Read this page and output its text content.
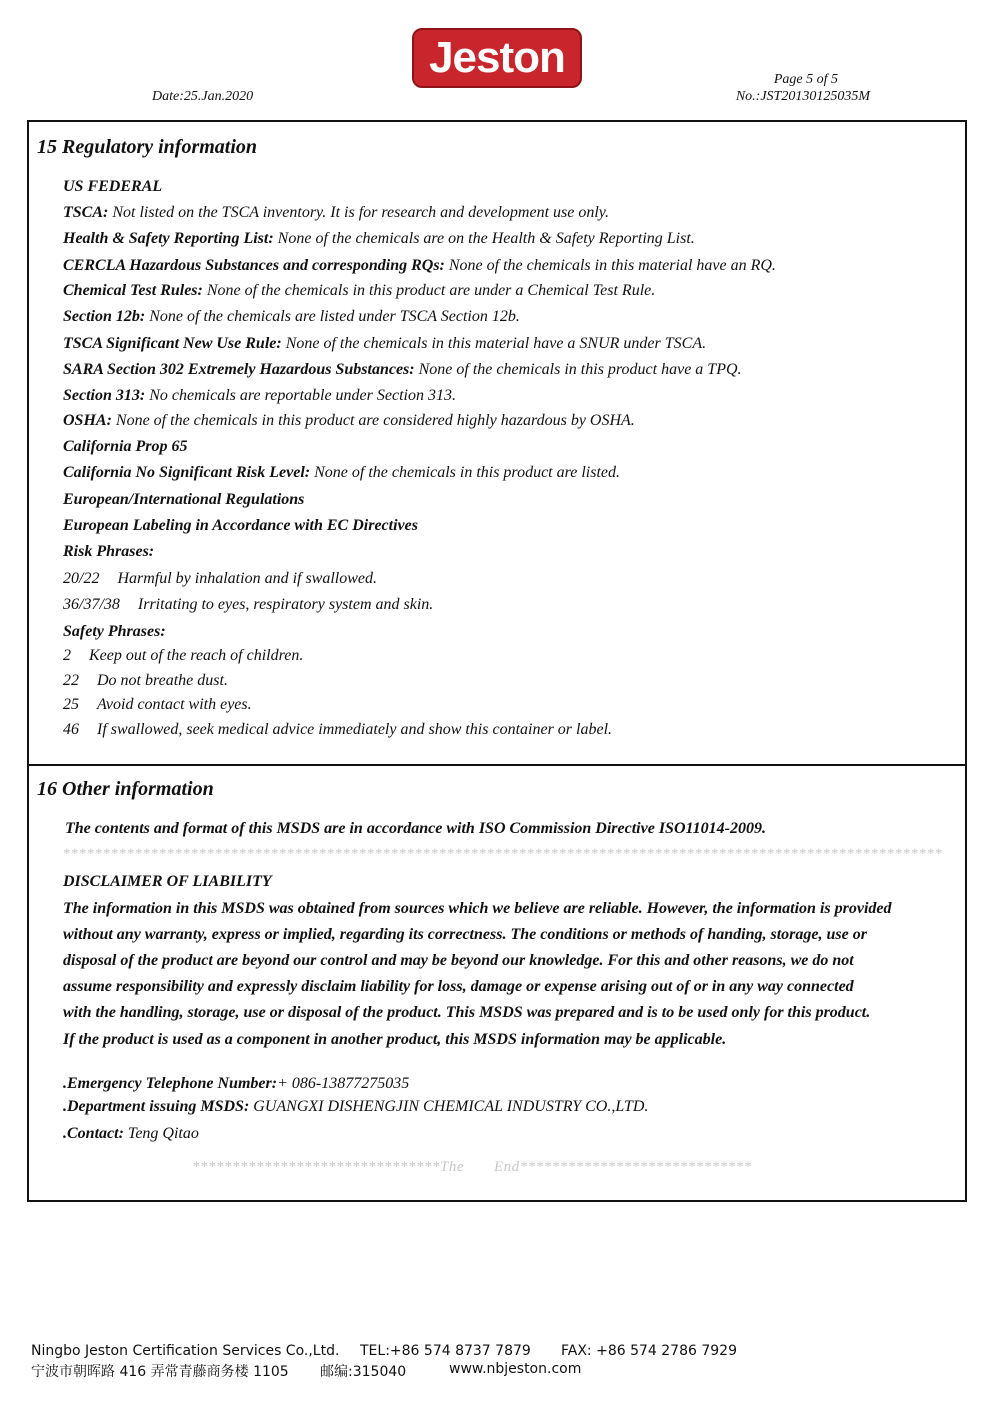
Jeston
Date:25.Jan.2020
Page 5 of 5
No.:JST20130125035M
15 Regulatory information
US FEDERAL
TSCA: Not listed on the TSCA inventory. It is for research and development use only.
Health & Safety Reporting List: None of the chemicals are on the Health & Safety Reporting List.
CERCLA Hazardous Substances and corresponding RQs: None of the chemicals in this material have an RQ.
Chemical Test Rules: None of the chemicals in this product are under a Chemical Test Rule.
Section 12b: None of the chemicals are listed under TSCA Section 12b.
TSCA Significant New Use Rule: None of the chemicals in this material have a SNUR under TSCA.
SARA Section 302 Extremely Hazardous Substances: None of the chemicals in this product have a TPQ.
Section 313: No chemicals are reportable under Section 313.
OSHA: None of the chemicals in this product are considered highly hazardous by OSHA.
California Prop 65
California No Significant Risk Level: None of the chemicals in this product are listed.
European/International Regulations
European Labeling in Accordance with EC Directives
Risk Phrases:
20/22 Harmful by inhalation and if swallowed.
36/37/38 Irritating to eyes, respiratory system and skin.
Safety Phrases:
2 Keep out of the reach of children.
22 Do not breathe dust.
25 Avoid contact with eyes.
46 If swallowed, seek medical advice immediately and show this container or label.
16 Other information
The contents and format of this MSDS are in accordance with ISO Commission Directive ISO11014-2009.
**************************************************************************************************************
DISCLAIMER OF LIABILITY
The information in this MSDS was obtained from sources which we believe are reliable. However, the information is provided
without any warranty, express or implied, regarding its correctness. The conditions or methods of handing, storage, use or
disposal of the product are beyond our control and may be beyond our knowledge. For this and other reasons, we do not
assume responsibility and expressly disclaim liability for loss, damage or expense arising out of or in any way connected
with the handling, storage, use or disposal of the product. This MSDS was prepared and is to be used only for this product.
If the product is used as a component in another product, this MSDS information may be applicable.
.Emergency Telephone Number:+ 086-13877275035
.Department issuing MSDS: GUANGXI DISHENGJIN CHEMICAL INDUSTRY CO.,LTD.
.Contact: Teng Qitao
*******************************The End*****************************
Ningbo Jeston Certification Services Co.,Ltd. TEL:+86 574 8737 7879 FAX: +86 574 2786 7929
宁波市朝晖路 416 弄常青藤商务楼 1105 邮编:315040	www.nbjeston.com
